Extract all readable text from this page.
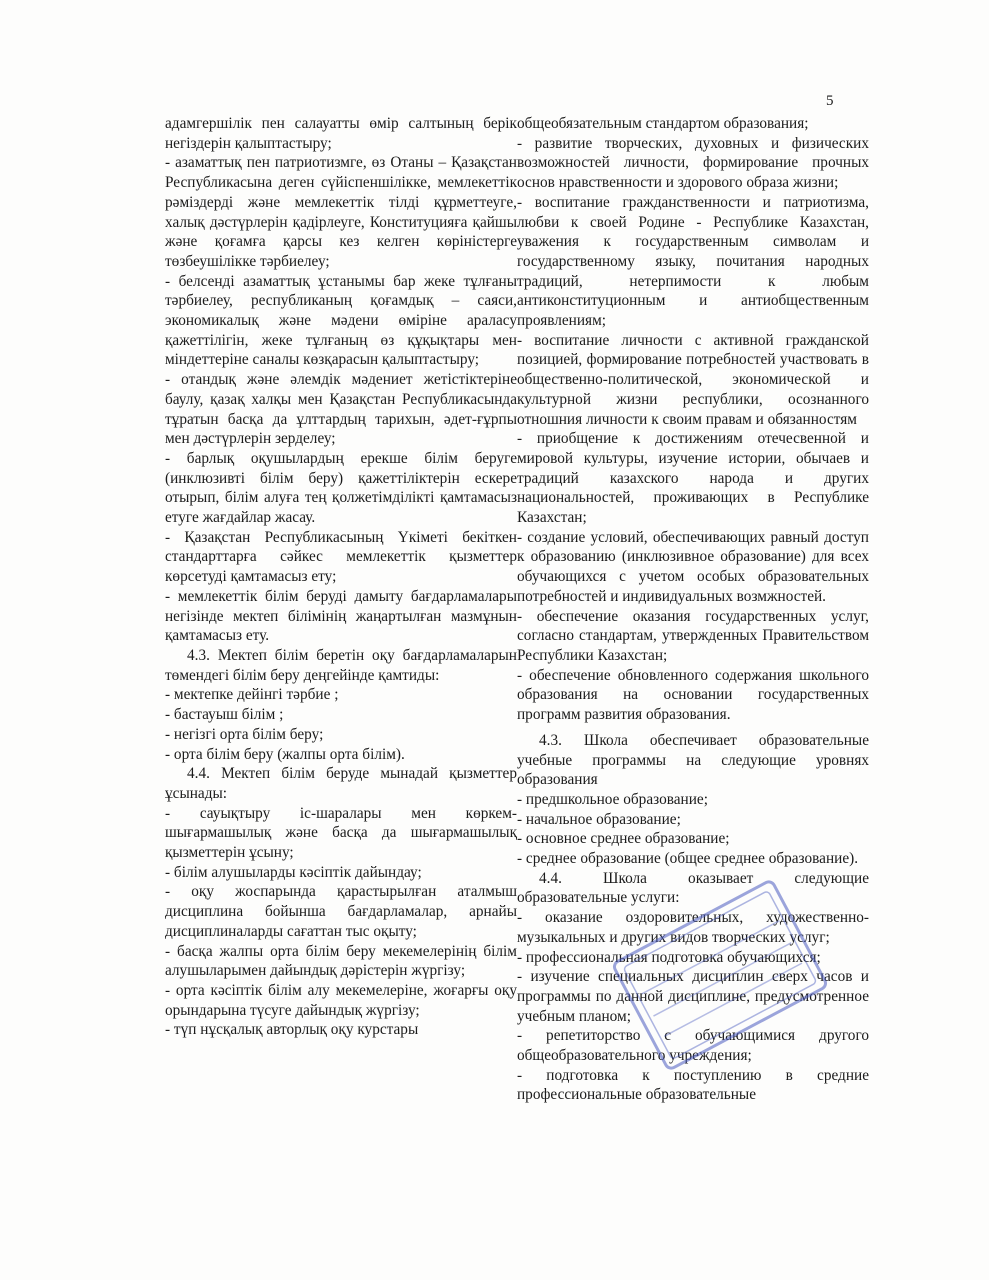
5

адамгершілік пен салауатты өмір салтының берік негіздерін қалыптастыру;

- азаматтық пен патриотизмге, өз Отаны – Қазақстан Республикасына деген сүйіспеншілікке, мемлекеттік рәміздерді және мемлекеттік тілді құрметтеуге, халық дәстүрлерін қадірлеуге, Конституцияға қайшы және қоғамға қарсы кез келген көріністерге төзбеушілікке тәрбиелеу;

- белсенді азаматтық ұстанымы бар жеке тұлғаны тәрбиелеу, республиканың қоғамдық – саяси, экономикалық және мәдени өміріне араласу қажеттілігін, жеке тұлғаның өз құқықтары мен міндеттеріне саналы көзқарасын қалыптастыру;

- отандық және әлемдік мәдениет жетістіктеріне баулу, қазақ халқы мен Қазақстан Республикасында тұратын басқа да ұлттардың тарихын, әдет-ғұрпы мен дәстүрлерін зерделеу;

- барлық оқушылардың ерекше білім беруге (инклюзивті білім беру) қажеттіліктерін ескере отырып, білім алуға тең қолжетімділікті қамтамасыз етуге жағдайлар жасау.

- Қазақстан Республикасының Үкіметі бекіткен стандарттарға сәйкес мемлекеттік қызметтер көрсетуді қамтамасыз ету;

- мемлекеттік білім беруді дамыту бағдарламалары негізінде мектеп білімінің жаңартылған мазмұнын қамтамасыз ету.

4.3. Мектеп білім беретін оқу бағдарламаларын төмендегі білім беру деңгейінде қамтиды:

- мектепке дейінгі тәрбие ;

- бастауыш білім ;

- негізгі орта білім беру;

- орта білім беру (жалпы орта білім).

4.4. Мектеп білім беруде мынадай қызметтер ұсынады:

- сауықтыру іс-шаралары мен көркем-шығармашылық және басқа да шығармашылық қызметтерін ұсыну;

- білім алушыларды кәсіптік дайындау;

- оқу жоспарында қарастырылған аталмыш дисциплина бойынша бағдарламалар, арнайы дисциплиналарды сағаттан тыс оқыту;

- басқа жалпы орта білім беру мекемелерінің білім алушыларымен дайындық дәрістерін жүргізу;

- орта кәсіптік білім алу мекемелеріне, жоғарғы оқу орындарына түсуге дайындық жүргізу;

- түп нұсқалық авторлық оқу курстары

общеобязательным стандартом образования;

- развитие творческих, духовных и физических возможностей личности, формирование прочных основ нравственности и здорового образа жизни;

- воспитание гражданственности и патриотизма, любви к своей Родине - Республике Казахстан, уважения к государственным символам и государственному языку, почитания народных традиций, нетерпимости к любым антиконституционным и антиобщественным проявлениям;

- воспитание личности с активной гражданской позицией, формирование потребностей участвовать в общественно-политической, экономической и культурной жизни республики, осознанного отношния личности к своим правам и обязанностям

- приобщение к достижениям отечесвенной и мировой культуры, изучение истории, обычаев и традиций казахского народа и других национальностей, проживающих в Республике Казахстан;

- создание условий, обеспечивающих равный доступ к образованию (инклюзивное образование) для всех обучающихся с учетом особых образовательных потребностей и индивидуальных возмжностей.

- обеспечение оказания государственных услуг, согласно стандартам, утвержденных Правительством Республики Казахстан;

- обеспечение обновленного содержания школьного образования на основании государственных программ развития образования.

4.3. Школа обеспечивает образовательные учебные программы на следующие уровнях образования

- предшкольное образование;

- начальное образование;

- основное среднее образование;

- среднее образование (общее среднее образование).

4.4. Школа оказывает следующие образовательные услуги:

- оказание оздоровительных, художественно-музыкальных и других видов творческих услуг;

- профессиональная подготовка обучающихся;

- изучение специальных дисциплин сверх часов и программы по данной дисциплине, предусмотренное учебным планом;

- репетиторство с обучающимися другого общеобразовательного учреждения;

- подготовка к поступлению в средние профессиональные образовательные
